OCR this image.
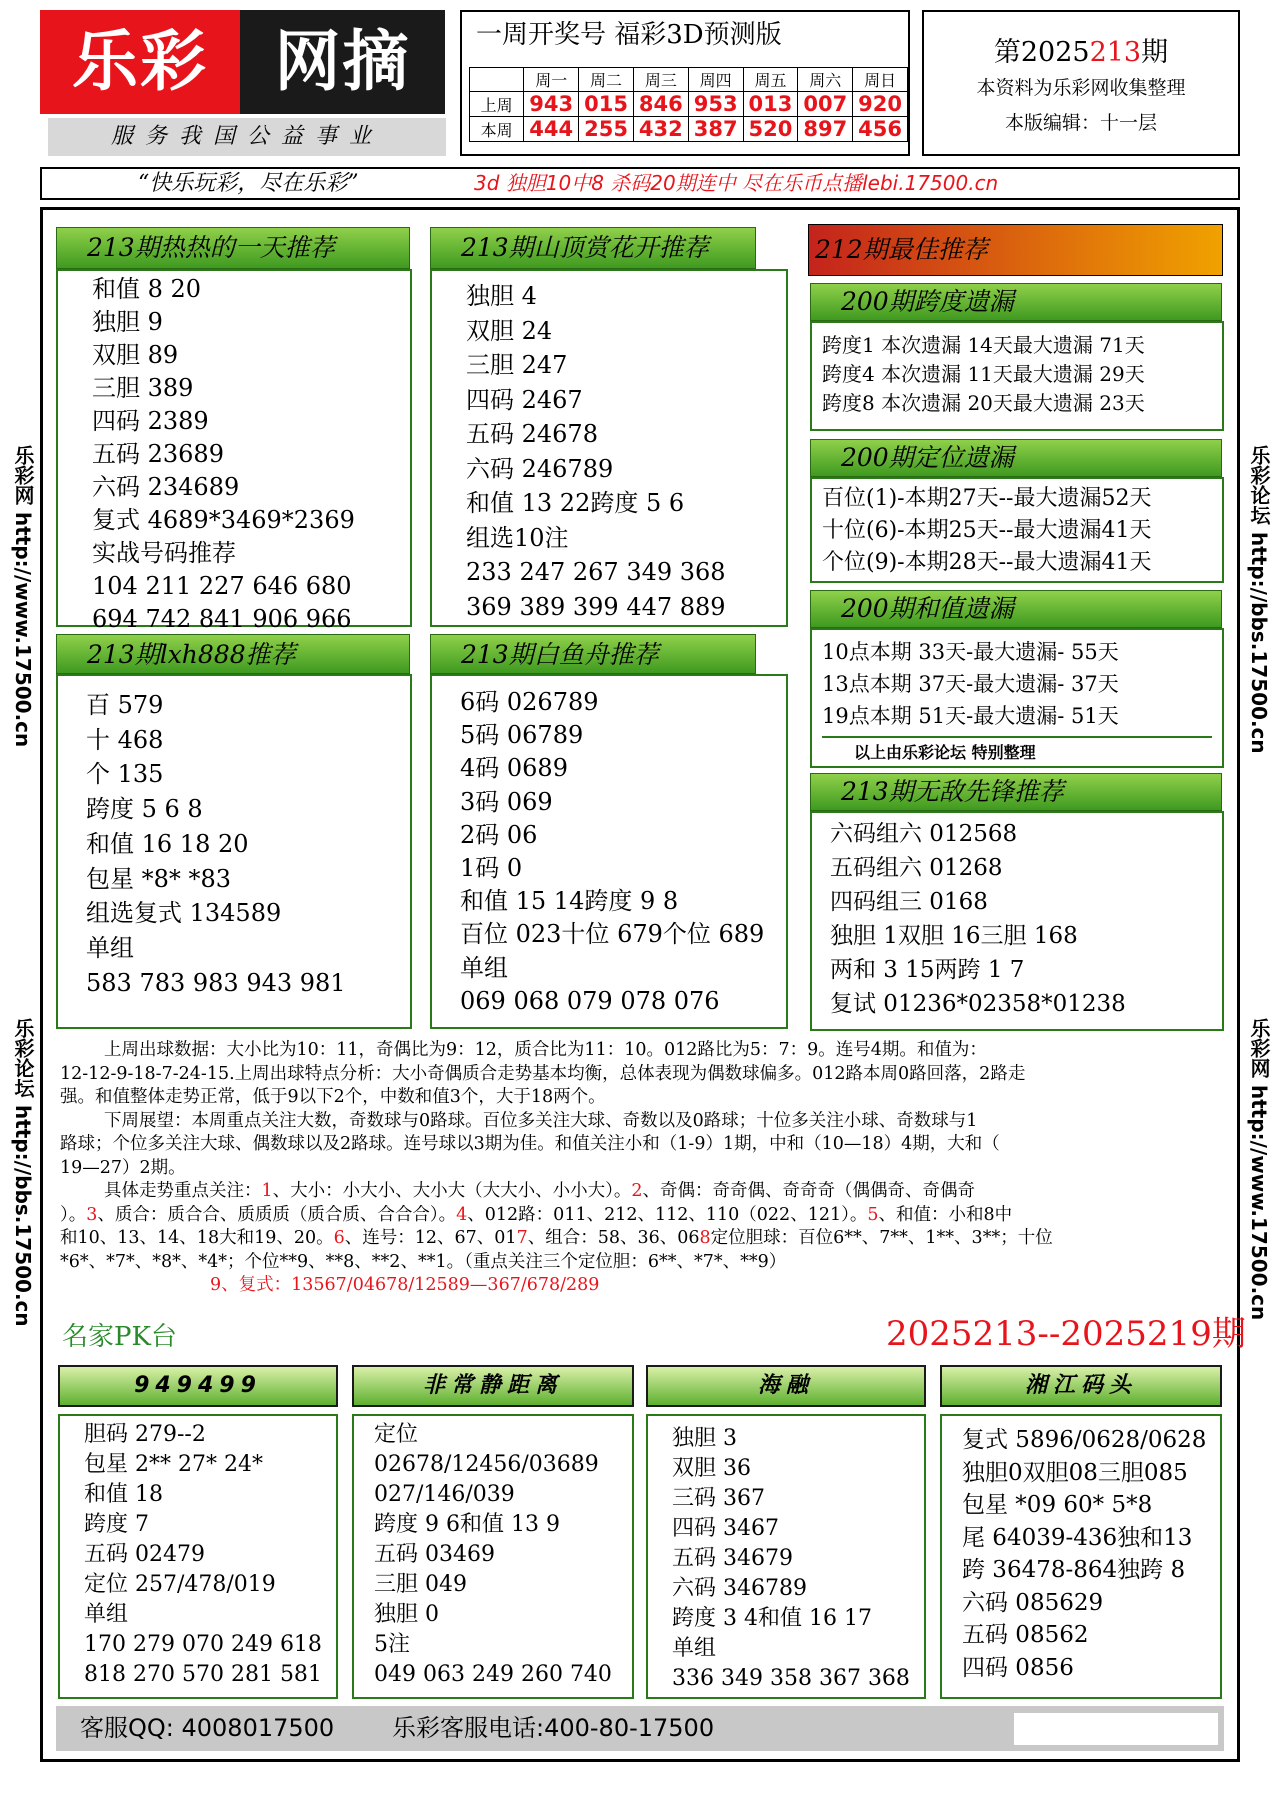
乐彩	网摘
服务我国公益事业
一周开奖号 福彩3D预测版
	周一	周二	周三	周四	周五	周六	周日
上周	943	015	846	953	013	007	920
本周	444	255	432	387	520	897	456
第2025213期
本资料为乐彩网收集整理
本版编辑：十一层
“快乐玩彩，尽在乐彩”	3d 独胆10中8 杀码20期连中 尽在乐币点播lebi.17500.cn
乐彩网 http://www.17500.cn
乐彩论坛 http://bbs.17500.cn
乐彩论坛 http://bbs.17500.cn
乐彩网 http://www.17500.cn
213期热热的一天推荐
和值 8 20
独胆 9
双胆 89
三胆 389
四码 2389
五码 23689
六码 234689
复式 4689*3469*2369
实战号码推荐
104 211 227 646 680
694 742 841 906 966
213期山顶赏花开推荐
独胆 4
双胆 24
三胆 247
四码 2467
五码 24678
六码 246789
和值 13 22跨度 5 6
组选10注
233 247 267 349 368
369 389 399 447 889
213期lxh888推荐
百 579
十 468
个 135
跨度 5 6 8
和值 16 18 20
包星 *8* *83
组选复式 134589
单组
583 783 983 943 981
213期白鱼舟推荐
6码 026789
5码 06789
4码 0689
3码 069
2码 06
1码 0
和值 15 14跨度 9 8
百位 023十位 679个位 689
单组
069 068 079 078 076
212期最佳推荐
200期跨度遗漏
跨度1 本次遗漏 14天最大遗漏 71天
跨度4 本次遗漏 11天最大遗漏 29天
跨度8 本次遗漏 20天最大遗漏 23天
200期定位遗漏
百位(1)-本期27天--最大遗漏52天
十位(6)-本期25天--最大遗漏41天
个位(9)-本期28天--最大遗漏41天
200期和值遗漏
10点本期 33天-最大遗漏- 55天
13点本期 37天-最大遗漏- 37天
19点本期 51天-最大遗漏- 51天
以上由乐彩论坛 特别整理
213期无敌先锋推荐
六码组六 012568
五码组六 01268
四码组三 0168
独胆 1双胆 16三胆 168
两和 3 15两跨 1 7
复试 01236*02358*01238

上周出球数据：大小比为10：11，奇偶比为9：12，质合比为11：10。012路比为5：7：9。连号4期。和值为：

12-12-9-18-7-24-15.上周出球特点分析：大小奇偶质合走势基本均衡，总体表现为偶数球偏多。012路本周0路回落，2路走

强。和值整体走势正常，低于9以下2个，中数和值3个，大于18两个。

下周展望：本周重点关注大数，奇数球与0路球。百位多关注大球、奇数以及0路球；十位多关注小球、奇数球与1

路球；个位多关注大球、偶数球以及2路球。连号球以3期为佳。和值关注小和（1-9）1期，中和（10—18）4期，大和（

19—27）2期。

具体走势重点关注：1、大小：小大小、大小大（大大小、小小大）。2、奇偶：奇奇偶、奇奇奇（偶偶奇、奇偶奇

）。3、质合：质合合、质质质（质合质、合合合）。4、012路：011、212、112、110（022、121）。5、和值：小和8中

和10、13、14、18大和19、20。6、连号：12、67、017、组合：58、36、068定位胆球：百位6**、7**、1**、3**；十位

*6*、*7*、*8*、*4*；个位**9、**8、**2、**1。（重点关注三个定位胆：6**、*7*、**9）

9、复式：13567/04678/12589—367/678/289

名家PK台	2025213--2025219期
949499
胆码 279--2
包星 2** 27* 24*
和值 18
跨度 7
五码 02479
定位 257/478/019
单组
170 279 070 249 618
818 270 570 281 581
非常静距离
定位
02678/12456/03689
027/146/039
跨度 9 6和值 13 9
五码 03469
三胆 049
独胆 0
5注
049 063 249 260 740
海融
独胆 3
双胆 36
三码 367
四码 3467
五码 34679
六码 346789
跨度 3 4和值 16 17
单组
336 349 358 367 368
湘江码头
复式 5896/0628/0628
独胆0双胆08三胆085
包星 *09 60* 5*8
尾 64039-436独和13
跨 36478-864独跨 8
六码 085629
五码 08562
四码 0856
客服QQ: 4008017500 乐彩客服电话:400-80-17500
